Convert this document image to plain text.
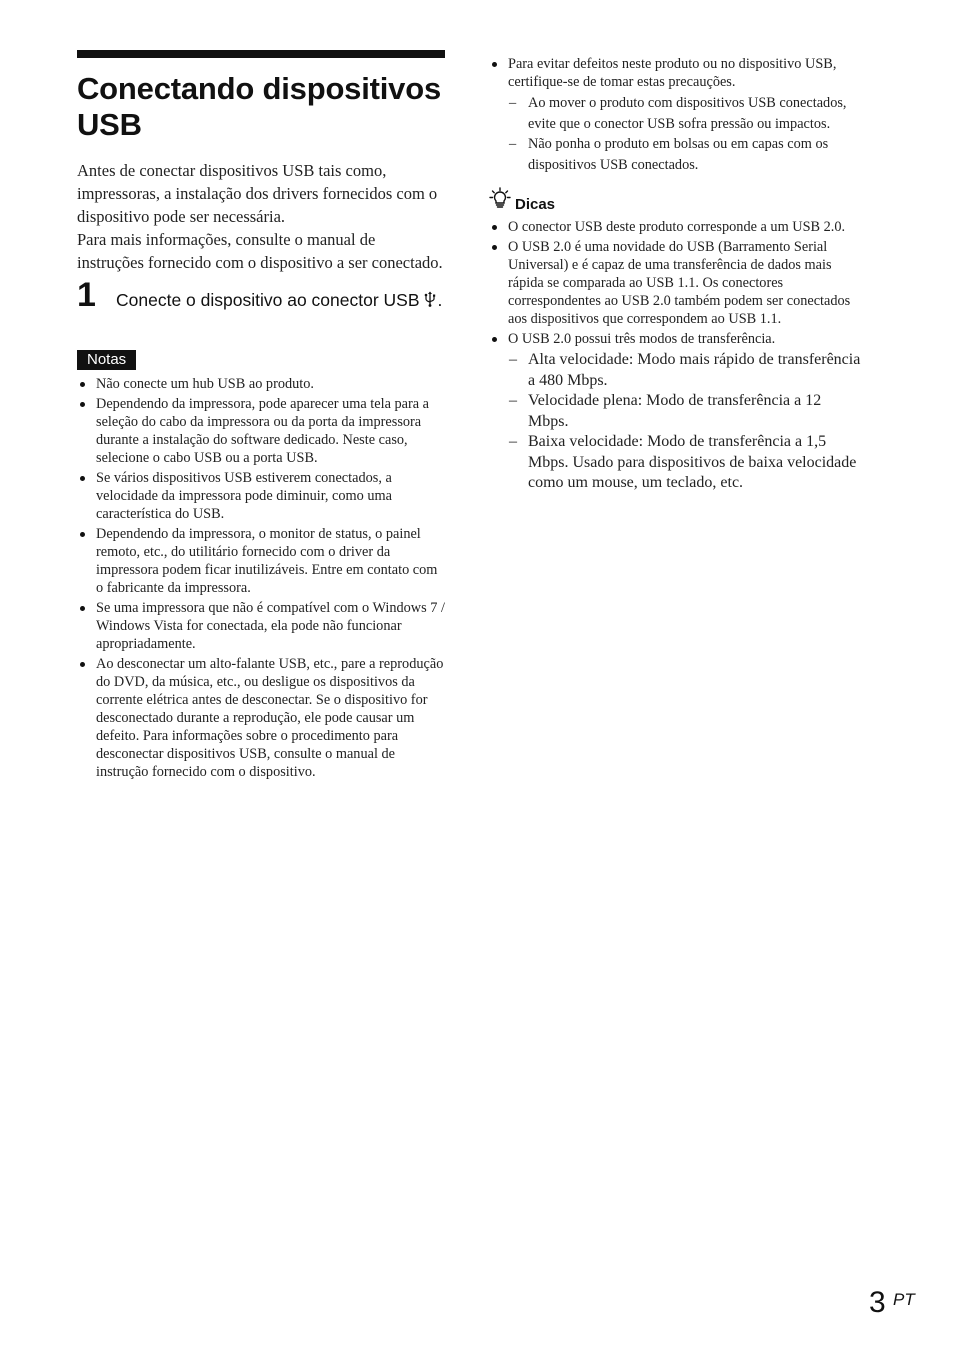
Conectando dispositivos USB

Antes de conectar dispositivos USB tais como, impressoras, a instalação dos drivers fornecidos com o dispositivo pode ser necessária.

Para mais informações, consulte o manual de instruções fornecido com o dispositivo a ser conectado.

1 Conecte o dispositivo ao conector USB .
Notas
Não conecte um hub USB ao produto.
Dependendo da impressora, pode aparecer uma tela para a seleção do cabo da impressora ou da porta da impressora durante a instalação do software dedicado. Neste caso, selecione o cabo USB ou a porta USB.
Se vários dispositivos USB estiverem conectados, a velocidade da impressora pode diminuir, como uma característica do USB.
Dependendo da impressora, o monitor de status, o painel remoto, etc., do utilitário fornecido com o driver da impressora podem ficar inutilizáveis. Entre em contato com o fabricante da impressora.
Se uma impressora que não é compatível com o Windows 7 / Windows Vista for conectada, ela pode não funcionar apropriadamente.
Ao desconectar um alto-falante USB, etc., pare a reprodução do DVD, da música, etc., ou desligue os dispositivos da corrente elétrica antes de desconectar. Se o dispositivo for desconectado durante a reprodução, ele pode causar um defeito. Para informações sobre o procedimento para desconectar dispositivos USB, consulte o manual de instrução fornecido com o dispositivo.
Para evitar defeitos neste produto ou no dispositivo USB, certifique-se de tomar estas precauções.
– Ao mover o produto com dispositivos USB conectados, evite que o conector USB sofra pressão ou impactos.
– Não ponha o produto em bolsas ou em capas com os dispositivos USB conectados.
Dicas
O conector USB deste produto corresponde a um USB 2.0.
O USB 2.0 é uma novidade do USB (Barramento Serial Universal) e é capaz de uma transferência de dados mais rápida se comparada ao USB 1.1. Os conectores correspondentes ao USB 2.0 também podem ser conectados aos dispositivos que correspondem ao USB 1.1.
O USB 2.0 possui três modos de transferência.
– Alta velocidade: Modo mais rápido de transferência a 480 Mbps.
– Velocidade plena: Modo de transferência a 12 Mbps.
– Baixa velocidade: Modo de transferência a 1,5 Mbps. Usado para dispositivos de baixa velocidade como um mouse, um teclado, etc.
3 PT
